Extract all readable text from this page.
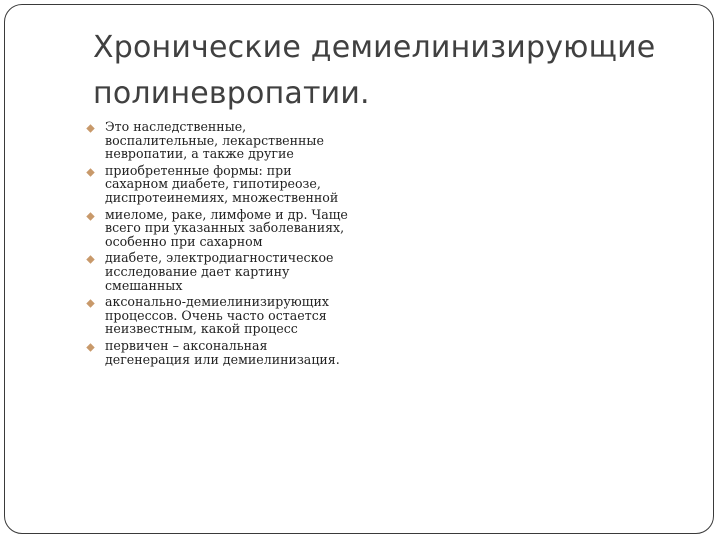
Хронические демиелинизирующие
полиневропатии.
Это наследственные,
воспалительные, лекарственные
невропатии, а также другие
приобретенные формы: при
сахарном диабете, гипотиреозе,
диспротеинемиях, множественной
миеломе, раке, лимфоме и др. Чаще
всего при указанных заболеваниях,
особенно при сахарном
диабете, электродиагностическое
исследование дает картину
смешанных
аксонально-демиелинизирующих
процессов. Очень часто остается
неизвестным, какой процесс
первичен – аксональная
дегенерация или демиелинизация.
